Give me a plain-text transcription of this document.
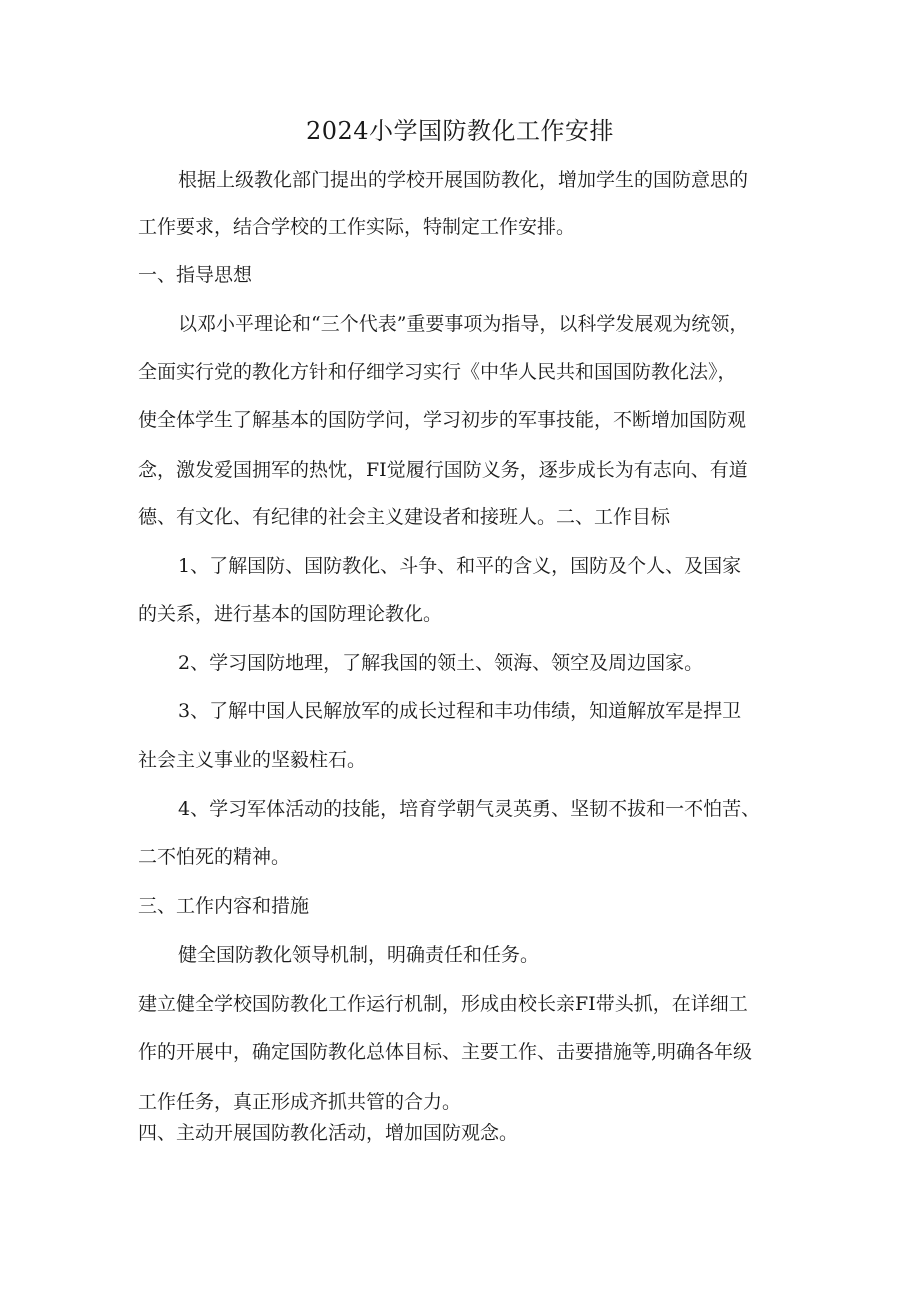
2024小学国防教化工作安排
根据上级教化部门提出的学校开展国防教化，增加学生的国防意思的
工作要求，结合学校的工作实际，特制定工作安排。
一、指导思想
以邓小平理论和“三个代表”重要事项为指导，以科学发展观为统领，
全面实行党的教化方针和仔细学习实行《中华人民共和国国防教化法》，
使全体学生了解基本的国防学问，学习初步的军事技能，不断增加国防观
念，激发爱国拥军的热忱，FI觉履行国防义务，逐步成长为有志向、有道
德、有文化、有纪律的社会主义建设者和接班人。二、工作目标
1、了解国防、国防教化、斗争、和平的含义，国防及个人、及国家
的关系，进行基本的国防理论教化。
2、学习国防地理，了解我国的领土、领海、领空及周边国家。
3、了解中国人民解放军的成长过程和丰功伟绩，知道解放军是捍卫
社会主义事业的坚毅柱石。
4、学习军体活动的技能，培育学朝气灵英勇、坚韧不拔和一不怕苦、
二不怕死的精神。
三、工作内容和措施
健全国防教化领导机制，明确责任和任务。
建立健全学校国防教化工作运行机制，形成由校长亲FI带头抓，在详细工
作的开展中，确定国防教化总体目标、主要工作、击要措施等,明确各年级
工作任务，真正形成齐抓共管的合力。
四、主动开展国防教化活动，增加国防观念。
